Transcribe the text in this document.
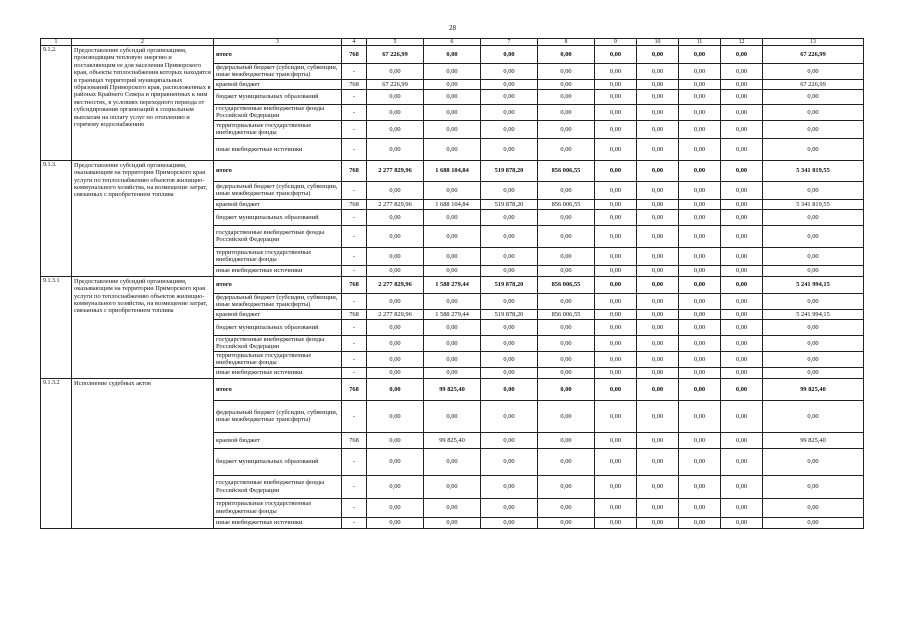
28
1	2	3	4	5	6	7	8	9	10	11	12	13
9.1.2.	Предоставление субсидий организациям, производящим тепловую энергию и поставляющим ее для населения Приморского края, объекты теплоснабжения которых находятся в границах территорий муниципальных образований Приморского края, расположенных в районах Крайнего Севера и приравненных к ним местностях, в условиях переходного периода от субсидирования организаций к социальным выплатам на оплату услуг по отоплению и горячему водоснабжению	итого	768	67 226,99	0,00	0,00	0,00	0,00	0,00	0,00	0,00	67 226,99
		федеральный бюджет (субсидии, субвенции, иные межбюджетные трансферты)	-	0,00	0,00	0,00	0,00	0,00	0,00	0,00	0,00	0,00
		краевой бюджет	768	67 226,99	0,00	0,00	0,00	0,00	0,00	0,00	0,00	67 226,99
		бюджет муниципальных образований	-	0,00	0,00	0,00	0,00	0,00	0,00	0,00	0,00	0,00
		государственные внебюджетные фонды Российской Федерации	-	0,00	0,00	0,00	0,00	0,00	0,00	0,00	0,00	0,00
		территориальные государственные внебюджетные фонды	-	0,00	0,00	0,00	0,00	0,00	0,00	0,00	0,00	0,00
		иные внебюджетные источники	-	0,00	0,00	0,00	0,00	0,00	0,00	0,00	0,00	0,00
9.1.3.	Предоставление субсидий организациям, оказывающим на территории Приморского края услуги по теплоснабжению объектов жилищно-коммунального хозяйства, на возмещение затрат, связанных с приобретением топлива	итого	768	2 277 829,96	1 688 104,84	519 878,20	856 006,55	0,00	0,00	0,00	0,00	5 341 819,55
		федеральный бюджет (субсидии, субвенции, иные межбюджетные трансферты)	-	0,00	0,00	0,00	0,00	0,00	0,00	0,00	0,00	0,00
		краевой бюджет	768	2 277 829,96	1 688 104,84	519 878,20	856 006,55	0,00	0,00	0,00	0,00	5 341 819,55
		бюджет муниципальных образований	-	0,00	0,00	0,00	0,00	0,00	0,00	0,00	0,00	0,00
		государственные внебюджетные фонды Российской Федерации	-	0,00	0,00	0,00	0,00	0,00	0,00	0,00	0,00	0,00
		территориальные государственные внебюджетные фонды	-	0,00	0,00	0,00	0,00	0,00	0,00	0,00	0,00	0,00
		иные внебюджетные источники	-	0,00	0,00	0,00	0,00	0,00	0,00	0,00	0,00	0,00
9.1.3.1	Предоставление субсидий организациям, оказывающим на территории Приморского края услуги по теплоснабжению объектов жилищно-коммунального хозяйства, на возмещение затрат, связанных с приобретением топлива	итого	768	2 277 829,96	1 588 279,44	519 878,20	856 006,55	0,00	0,00	0,00	0,00	5 241 994,15
		федеральный бюджет (субсидии, субвенции, иные межбюджетные трансферты)	-	0,00	0,00	0,00	0,00	0,00	0,00	0,00	0,00	0,00
		краевой бюджет	768	2 277 829,96	1 588 279,44	519 878,20	856 006,55	0,00	0,00	0,00	0,00	5 241 994,15
		бюджет муниципальных образований	-	0,00	0,00	0,00	0,00	0,00	0,00	0,00	0,00	0,00
		государственные внебюджетные фонды Российской Федерации	-	0,00	0,00	0,00	0,00	0,00	0,00	0,00	0,00	0,00
		территориальные государственные внебюджетные фонды	-	0,00	0,00	0,00	0,00	0,00	0,00	0,00	0,00	0,00
		иные внебюджетные источники	-	0,00	0,00	0,00	0,00	0,00	0,00	0,00	0,00	0,00
9.1.3.2	Исполнение судебных актов	итого	768	0,00	99 825,40	0,00	0,00	0,00	0,00	0,00	0,00	99 825,40
		федеральный бюджет (субсидии, субвенции, иные межбюджетные трансферты)	-	0,00	0,00	0,00	0,00	0,00	0,00	0,00	0,00	0,00
		краевой бюджет	768	0,00	99 825,40	0,00	0,00	0,00	0,00	0,00	0,00	99 825,40
		бюджет муниципальных образований	-	0,00	0,00	0,00	0,00	0,00	0,00	0,00	0,00	0,00
		государственные внебюджетные фонды Российской Федерации	-	0,00	0,00	0,00	0,00	0,00	0,00	0,00	0,00	0,00
		территориальные государственные внебюджетные фонды	-	0,00	0,00	0,00	0,00	0,00	0,00	0,00	0,00	0,00
		иные внебюджетные источники	-	0,00	0,00	0,00	0,00	0,00	0,00	0,00	0,00	0,00
